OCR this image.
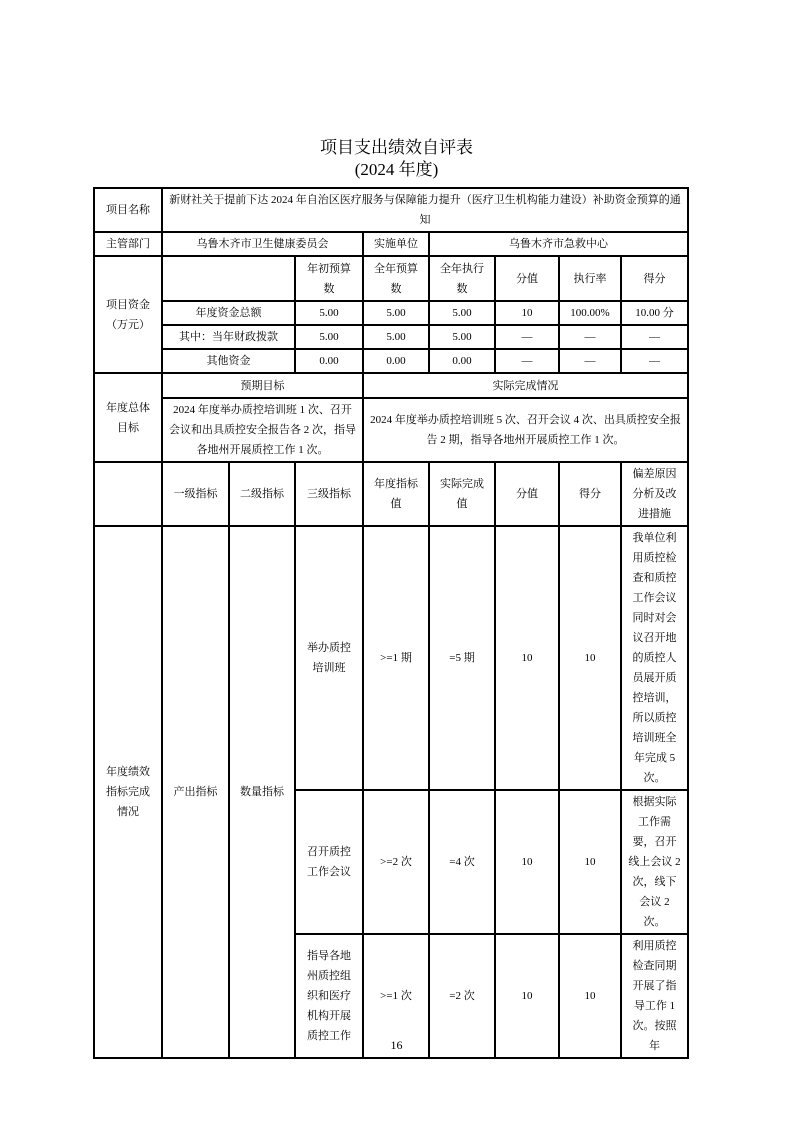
项目支出绩效自评表
(2024 年度)
项目名称	新财社关于提前下达 2024 年自治区医疗服务与保障能力提升（医疗卫生机构能力建设）补助资金预算的通知							
主管部门	乌鲁木齐市卫生健康委员会			实施单位	乌鲁木齐市急救中心			
项目资金（万元）			年初预算数	全年预算数	全年执行数	分值	执行率	得分
	年度资金总额		5.00	5.00	5.00	10	100.00%	10.00 分
	其中：当年财政拨款		5.00	5.00	5.00	—	—	—
	其他资金		0.00	0.00	0.00	—	—	—
年度总体目标	预期目标			实际完成情况				
	2024 年度举办质控培训班 1 次、召开会议和出具质控安全报告各 2 次，指导各地州开展质控工作 1 次。			2024 年度举办质控培训班 5 次、召开会议 4 次、出具质控安全报告 2 期，指导各地州开展质控工作 1 次。				
	一级指标	二级指标	三级指标	年度指标值	实际完成值	分值	得分	偏差原因分析及改进措施
年度绩效指标完成情况	产出指标	数量指标	举办质控培训班	>=1 期	=5 期	10	10	我单位利用质控检查和质控工作会议同时对会议召开地的质控人员展开质控培训，所以质控培训班全年完成 5 次。
			召开质控工作会议	>=2 次	=4 次	10	10	根据实际工作需要，召开线上会议 2 次，线下会议 2 次。
			指导各地州质控组织和医疗机构开展质控工作	>=1 次	=2 次	10	10	利用质控检查同期开展了指导工作 1 次。按照年
16
